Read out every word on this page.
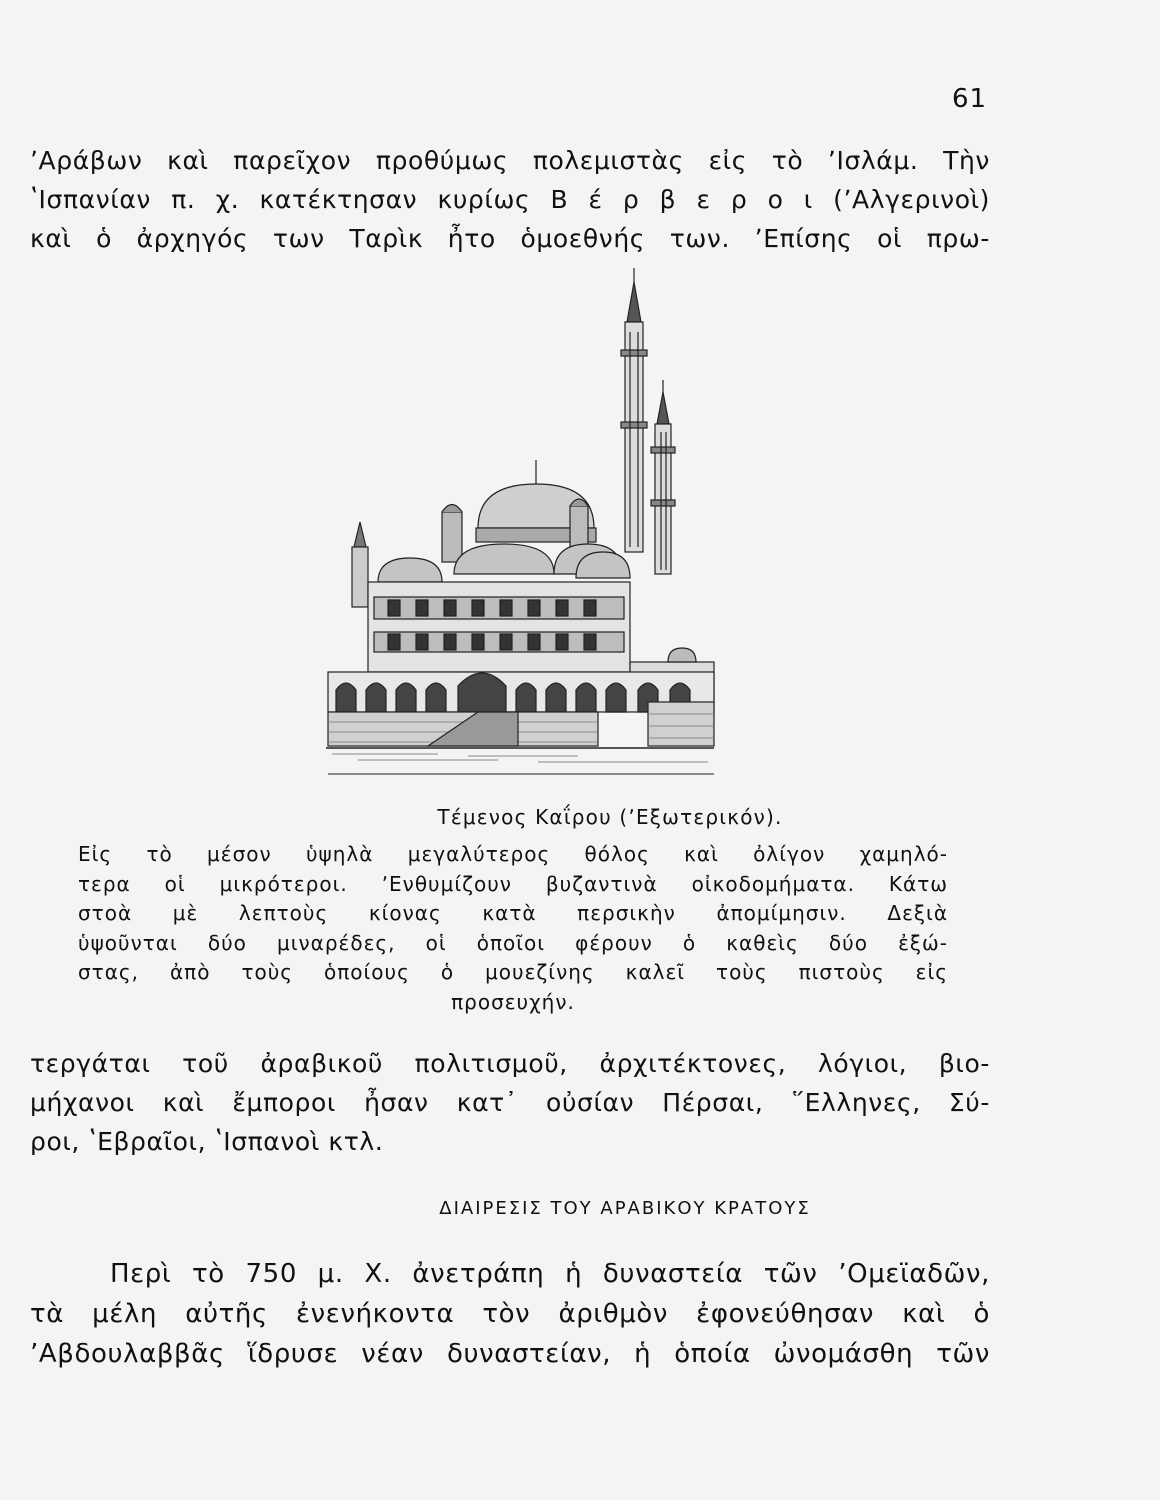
61
ʼΑράβων καὶ παρεῖχον προθύμως πολεμιστὰς εἰς τὸ ʼΙσλάμ. Τὴν
ʽΙσπανίαν π. χ. κατέκτησαν κυρίως Β έ ρ β ε ρ ο ι (ʼΑλγερινοὶ)
καὶ ὁ ἀρχηγός των Ταρὶκ ἦτο ὁμοεθνής των. ʼΕπίσης οἱ πρω-
Τέμενος Καΐρου (ʼΕξωτερικόν).
Εἰς τὸ μέσον ὑψηλὰ μεγαλύτερος θόλος καὶ ὀλίγον χαμηλό-
τερα οἱ μικρότεροι. ʼΕνθυμίζουν βυζαντινὰ οἰκοδομήματα. Κάτω
στοὰ μὲ λεπτοὺς κίονας κατὰ περσικὴν ἀπομίμησιν. Δεξιὰ
ὑψοῦνται δύο μιναρέδες, οἱ ὁποῖοι φέρουν ὁ καθεὶς δύο ἐξώ-
στας, ἀπὸ τοὺς ὁποίους ὁ μουεζίνης καλεῖ τοὺς πιστοὺς εἰς
προσευχήν.
τεργάται τοῦ ἀραβικοῦ πολιτισμοῦ, ἀρχιτέκτονες, λόγιοι, βιο-
μήχανοι καὶ ἔμποροι ἦσαν κατ᾽ οὐσίαν Πέρσαι, ῞Ελληνες, Σύ-
ροι, ʽΕβραῖοι, ʽΙσπανοὶ κτλ.
ΔΙΑΙΡΕΣΙΣ ΤΟΥ ΑΡΑΒΙΚΟΥ ΚΡΑΤΟΥΣ
Περὶ τὸ 750 μ. Χ. ἀνετράπη ἡ δυναστεία τῶν ʼΟμεϊαδῶν,
τὰ μέλη αὐτῆς ἐνενήκοντα τὸν ἀριθμὸν ἐφονεύθησαν καὶ ὁ
ʼΑβδουλαββᾶς ἵδρυσε νέαν δυναστείαν, ἡ ὁποία ὠνομάσθη τῶν
